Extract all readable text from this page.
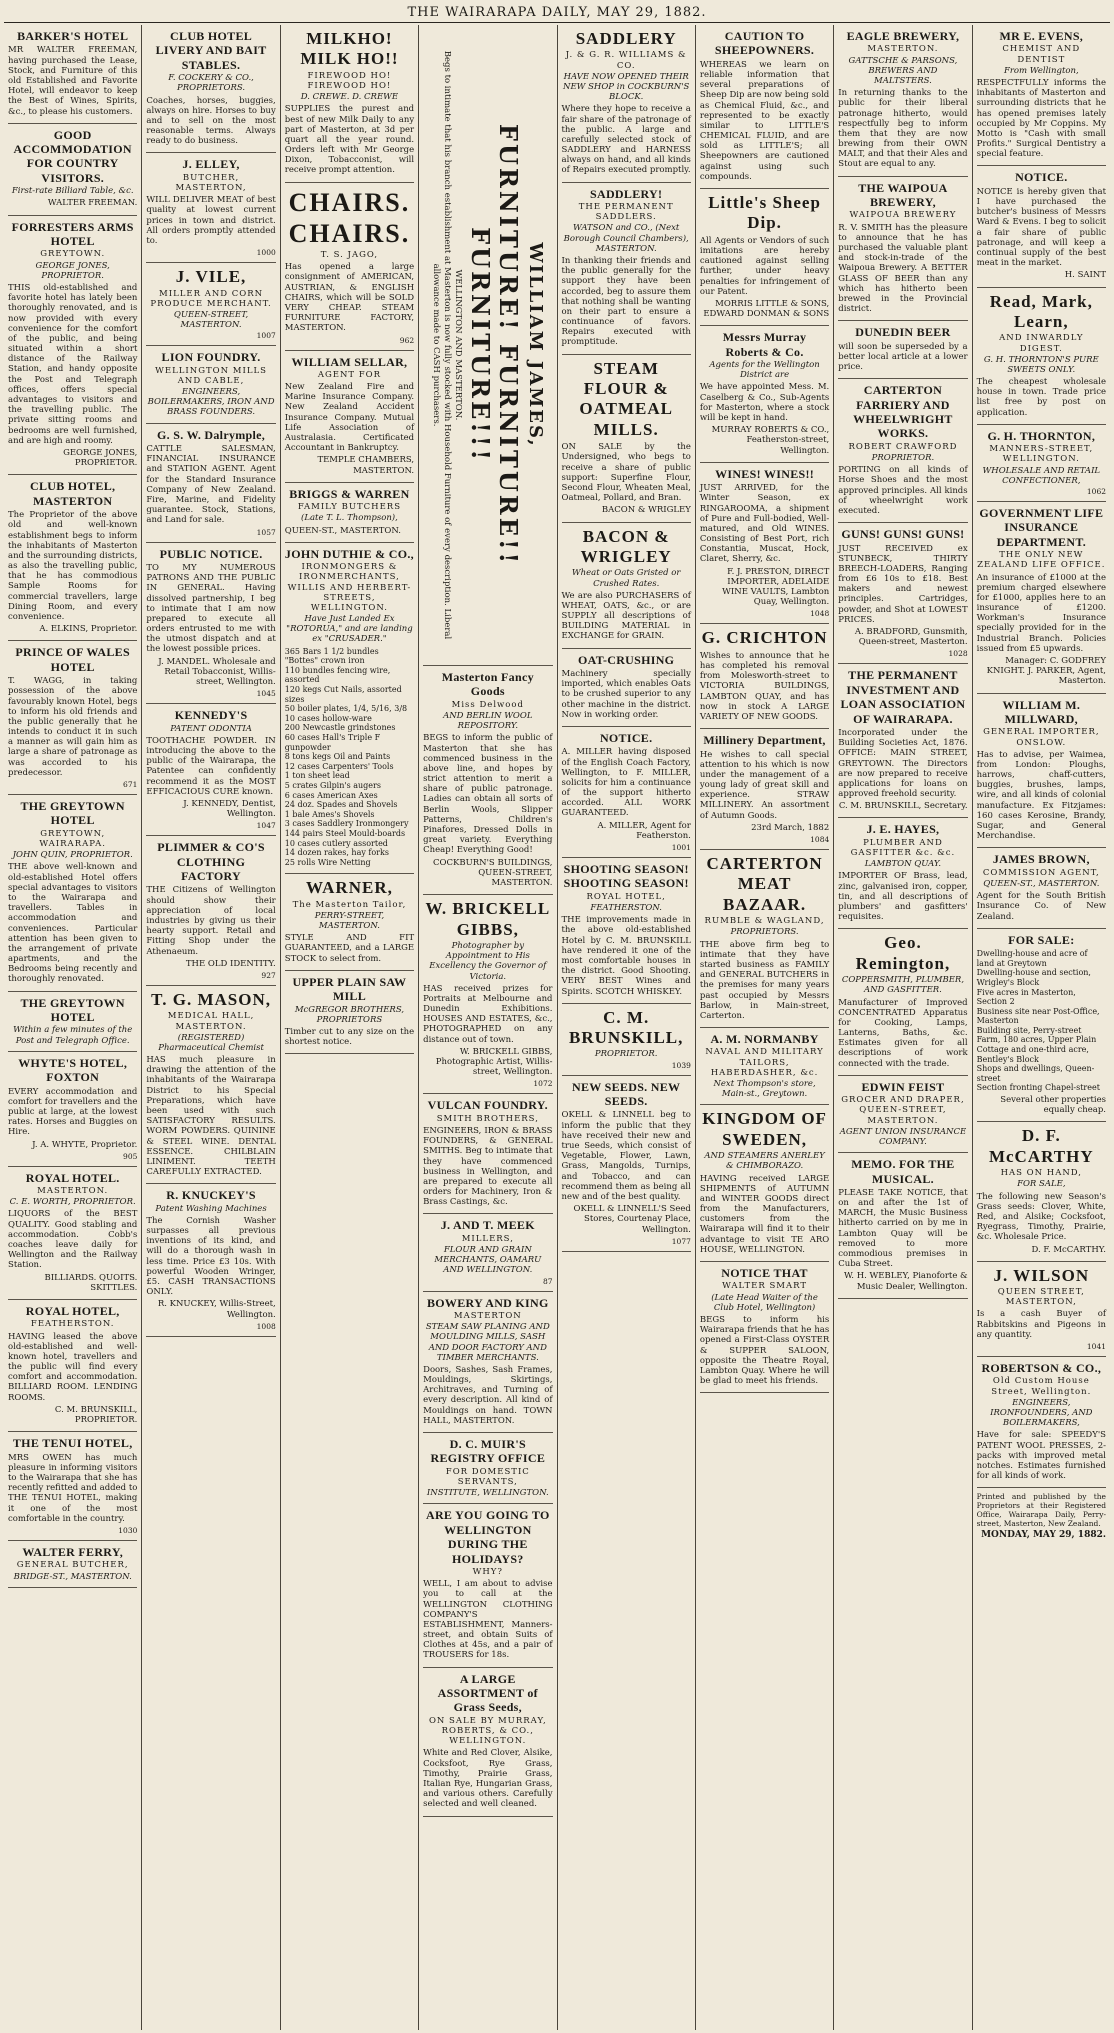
THE WAIRARAPA DAILY, MAY 29, 1882.
BARKER'S HOTEL

MR WALTER FREEMAN, having purchased the Lease, Stock, and Furniture of this old Established and Favorite Hotel, will endeavor to keep the Best of Wines, Spirits, &c., to please his customers.

GOOD ACCOMMODATION FOR COUNTRY VISITORS.
First-rate Billiard Table, &c.
WALTER FREEMAN.
FORRESTERS ARMS HOTEL
GREYTOWN.
GEORGE JONES, PROPRIETOR.

THIS old-established and favorite hotel has lately been thoroughly renovated, and is now provided with every convenience for the comfort of the public, and being situated within a short distance of the Railway Station, and handy opposite the Post and Telegraph offices, offers special advantages to visitors and the travelling public. The private sitting rooms and bedrooms are well furnished, and are high and roomy.

GEORGE JONES, PROPRIETOR.
CLUB HOTEL, MASTERTON

The Proprietor of the above old and well-known establishment begs to inform the inhabitants of Masterton and the surrounding districts, as also the travelling public, that he has commodious Sample Rooms for commercial travellers, large Dining Room, and every convenience.

A. ELKINS, Proprietor.
PRINCE OF WALES HOTEL

T. WAGG, in taking possession of the above favourably known Hotel, begs to inform his old friends and the public generally that he intends to conduct it in such a manner as will gain him as large a share of patronage as was accorded to his predecessor.

671
THE GREYTOWN HOTEL
GREYTOWN, WAIRARAPA.
JOHN QUIN, PROPRIETOR.

THE above well-known and old-established Hotel offers special advantages to visitors to the Wairarapa and travellers. Tables in accommodation and conveniences. Particular attention has been given to the arrangement of private apartments, and the Bedrooms being recently and thoroughly renovated.

THE GREYTOWN HOTEL
Within a few minutes of the Post and Telegraph Office.
WHYTE'S HOTEL, FOXTON

EVERY accommodation and comfort for travellers and the public at large, at the lowest rates. Horses and Buggies on Hire.

J. A. WHYTE, Proprietor.
905
ROYAL HOTEL.
MASTERTON.
C. E. WORTH, PROPRIETOR.

LIQUORS of the BEST QUALITY. Good stabling and accommodation. Cobb's coaches leave daily for Wellington and the Railway Station.

BILLIARDS. QUOITS. SKITTLES.
ROYAL HOTEL,
FEATHERSTON.

HAVING leased the above old-established and well-known hotel, travellers and the public will find every comfort and accommodation. BILLIARD ROOM. LENDING ROOMS.

C. M. BRUNSKILL, PROPRIETOR.
THE TENUI HOTEL,

MRS OWEN has much pleasure in informing visitors to the Wairarapa that she has recently refitted and added to THE TENUI HOTEL, making it one of the most comfortable in the country.

1030
WALTER FERRY,
GENERAL BUTCHER,
BRIDGE-ST., MASTERTON.
CLUB HOTEL LIVERY AND BAIT STABLES.
F. COCKERY & CO., PROPRIETORS.

Coaches, horses, buggies, always on hire. Horses to buy and to sell on the most reasonable terms. Always ready to do business.

J. ELLEY,
BUTCHER, MASTERTON,

WILL DELIVER MEAT of best quality at lowest current prices in town and district. All orders promptly attended to.

1000
J. VILE,
MILLER AND CORN PRODUCE MERCHANT.
QUEEN-STREET, MASTERTON.
1007
LION FOUNDRY.
WELLINGTON MILLS AND CABLE,
ENGINEERS, BOILERMAKERS, IRON AND BRASS FOUNDERS.
G. S. W. Dalrymple,

CATTLE SALESMAN, FINANCIAL INSURANCE and STATION AGENT. Agent for the Standard Insurance Company of New Zealand. Fire, Marine, and Fidelity guarantee. Stock, Stations, and Land for sale.

1057
PUBLIC NOTICE.

TO MY NUMEROUS PATRONS AND THE PUBLIC IN GENERAL. Having dissolved partnership, I beg to intimate that I am now prepared to execute all orders entrusted to me with the utmost dispatch and at the lowest possible prices.

J. MANDEL. Wholesale and Retail Tobacconist, Willis-street, Wellington.
1045
KENNEDY'S
PATENT ODONTIA

TOOTHACHE POWDER. IN introducing the above to the public of the Wairarapa, the Patentee can confidently recommend it as the MOST EFFICACIOUS CURE known.

J. KENNEDY, Dentist, Wellington.
1047
PLIMMER & CO'S CLOTHING FACTORY

THE Citizens of Wellington should show their appreciation of local industries by giving us their hearty support. Retail and Fitting Shop under the Athenaeum.

THE OLD IDENTITY.
927
T. G. MASON,
MEDICAL HALL, MASTERTON.
(REGISTERED) Pharmaceutical Chemist

HAS much pleasure in drawing the attention of the inhabitants of the Wairarapa District to his Special Preparations, which have been used with such SATISFACTORY RESULTS. WORM POWDERS. QUININE & STEEL WINE. DENTAL ESSENCE. CHILBLAIN LINIMENT. TEETH CAREFULLY EXTRACTED.

R. KNUCKEY'S
Patent Washing Machines

The Cornish Washer surpasses all previous inventions of its kind, and will do a thorough wash in less time. Price £3 10s. With powerful Wooden Wringer, £5. CASH TRANSACTIONS ONLY.

R. KNUCKEY, Willis-Street, Wellington.
1008
MILKHO! MILK HO!!
FIREWOOD HO! FIREWOOD HO!
D. CREWE. D. CREWE

SUPPLIES the purest and best of new Milk Daily to any part of Masterton, at 3d per quart all the year round. Orders left with Mr George Dixon, Tobacconist, will receive prompt attention.

CHAIRS. CHAIRS.
T. S. JAGO,

Has opened a large consignment of AMERICAN, AUSTRIAN, & ENGLISH CHAIRS, which will be SOLD VERY CHEAP. STEAM FURNITURE FACTORY, MASTERTON.

962
WILLIAM SELLAR,
AGENT FOR

New Zealand Fire and Marine Insurance Company. New Zealand Accident Insurance Company. Mutual Life Association of Australasia. Certificated Accountant in Bankruptcy.

TEMPLE CHAMBERS, MASTERTON.
BRIGGS & WARREN
FAMILY BUTCHERS
(Late T. L. Thompson),

QUEEN-ST., MASTERTON.

JOHN DUTHIE & CO.,
IRONMONGERS & IRONMERCHANTS, WILLIS AND HERBERT-STREETS, WELLINGTON.
Have Just Landed Ex "ROTORUA," and are landing ex "CRUSADER."
365 Bars 1 1/2 bundles "Bottes" crown iron
110 bundles fencing wire, assorted
120 kegs Cut Nails, assorted sizes
50 boiler plates, 1/4, 5/16, 3/8
10 cases hollow-ware
200 Newcastle grindstones
60 cases Hall's Triple F gunpowder
8 tons kegs Oil and Paints
12 cases Carpenters' Tools
1 ton sheet lead
5 crates Gilpin's augers
6 cases American Axes
24 doz. Spades and Shovels
1 bale Ames's Shovels
3 cases Saddlery Ironmongery
144 pairs Steel Mould-boards
10 cases cutlery assorted
14 dozen rakes, hay forks
25 rolls Wire Netting
WARNER,
The Masterton Tailor,
PERRY-STREET, MASTERTON.

STYLE AND FIT GUARANTEED, and a LARGE STOCK to select from.

UPPER PLAIN SAW MILL
McGREGOR BROTHERS, PROPRIETORS

Timber cut to any size on the shortest notice.

WILLIAM JAMES,
FURNITURE! FURNITURE!! FURNITURE!!!

WELLINGTON AND MASTERTON.

Begs to intimate that his branch establishment at Masterton is now fully stocked with Household Furniture of every description. Liberal allowance made to CASH purchasers.

Masterton Fancy Goods
Miss Delwood
AND BERLIN WOOL REPOSITORY.

BEGS to inform the public of Masterton that she has commenced business in the above line, and hopes by strict attention to merit a share of public patronage. Ladies can obtain all sorts of Berlin Wools, Slipper Patterns, Children's Pinafores, Dressed Dolls in great variety. Everything Cheap! Everything Good!

COCKBURN'S BUILDINGS, QUEEN-STREET, MASTERTON.
W. BRICKELL GIBBS,
Photographer by Appointment to His Excellency the Governor of Victoria.

HAS received prizes for Portraits at Melbourne and Dunedin Exhibitions. HOUSES AND ESTATES, &c., PHOTOGRAPHED on any distance out of town.

W. BRICKELL GIBBS, Photographic Artist, Willis-street, Wellington.
1072
VULCAN FOUNDRY.
SMITH BROTHERS,

ENGINEERS, IRON & BRASS FOUNDERS, & GENERAL SMITHS. Beg to intimate that they have commenced business in Wellington, and are prepared to execute all orders for Machinery, Iron & Brass Castings, &c.

J. AND T. MEEK
MILLERS,
FLOUR AND GRAIN MERCHANTS, OAMARU AND WELLINGTON.
87
BOWERY AND KING
MASTERTON
STEAM SAW PLANING AND MOULDING MILLS, SASH AND DOOR FACTORY AND TIMBER MERCHANTS.

Doors, Sashes, Sash Frames, Mouldings, Skirtings, Architraves, and Turning of every description. All kind of Mouldings on hand. TOWN HALL, MASTERTON.

D. C. MUIR'S REGISTRY OFFICE
FOR DOMESTIC SERVANTS,
INSTITUTE, WELLINGTON.
ARE YOU GOING TO WELLINGTON DURING THE HOLIDAYS?
WHY?

WELL, I am about to advise you to call at the WELLINGTON CLOTHING COMPANY'S ESTABLISHMENT, Manners-street, and obtain Suits of Clothes at 45s, and a pair of TROUSERS for 18s.

A LARGE ASSORTMENT of Grass Seeds,
ON SALE BY MURRAY, ROBERTS, & CO., WELLINGTON.

White and Red Clover, Alsike, Cocksfoot, Rye Grass, Timothy, Prairie Grass, Italian Rye, Hungarian Grass, and various others. Carefully selected and well cleaned.

SADDLERY
J. & G. R. WILLIAMS & CO.
HAVE NOW OPENED THEIR NEW SHOP in COCKBURN'S BLOCK.

Where they hope to receive a fair share of the patronage of the public. A large and carefully selected stock of SADDLERY and HARNESS always on hand, and all kinds of Repairs executed promptly.

SADDLERY!
THE PERMANENT SADDLERS.
WATSON and CO., (Next Borough Council Chambers), MASTERTON.

In thanking their friends and the public generally for the support they have been accorded, beg to assure them that nothing shall be wanting on their part to ensure a continuance of favors. Repairs executed with promptitude.

STEAM FLOUR & OATMEAL MILLS.

ON SALE by the Undersigned, who begs to receive a share of public support: Superfine Flour, Second Flour, Wheaten Meal, Oatmeal, Pollard, and Bran.

BACON & WRIGLEY
BACON & WRIGLEY
Wheat or Oats Gristed or Crushed Rates.

We are also PURCHASERS of WHEAT, OATS, &c., or are SUPPLY all descriptions of BUILDING MATERIAL in EXCHANGE for GRAIN.

OAT-CRUSHING

Machinery specially imported, which enables Oats to be crushed superior to any other machine in the district. Now in working order.

NOTICE.

A. MILLER having disposed of the English Coach Factory, Wellington, to F. MILLER, solicits for him a continuance of the support hitherto accorded. ALL WORK GUARANTEED.

A. MILLER, Agent for Featherston.
1001
SHOOTING SEASON! SHOOTING SEASON!
ROYAL HOTEL,
FEATHERSTON.

THE improvements made in the above old-established Hotel by C. M. BRUNSKILL have rendered it one of the most comfortable houses in the district. Good Shooting. VERY BEST Wines and Spirits. SCOTCH WHISKEY.

C. M. BRUNSKILL,
PROPRIETOR.
1039
NEW SEEDS. NEW SEEDS.

OKELL & LINNELL beg to inform the public that they have received their new and true Seeds, which consist of Vegetable, Flower, Lawn, Grass, Mangolds, Turnips, and Tobacco, and can recommend them as being all new and of the best quality.

OKELL & LINNELL'S Seed Stores, Courtenay Place, Wellington.
1077
CAUTION TO SHEEPOWNERS.

WHEREAS we learn on reliable information that several preparations of Sheep Dip are now being sold as Chemical Fluid, &c., and represented to be exactly similar to LITTLE'S CHEMICAL FLUID, and are sold as LITTLE'S; all Sheepowners are cautioned against using such compounds.

Little's Sheep Dip.

All Agents or Vendors of such imitations are hereby cautioned against selling further, under heavy penalties for infringement of our Patent.

MORRIS LITTLE & SONS, EDWARD DONMAN & SONS
Messrs Murray Roberts & Co.
Agents for the Wellington District are

We have appointed Mess. M. Caselberg & Co., Sub-Agents for Masterton, where a stock will be kept in hand.

MURRAY ROBERTS & CO., Featherston-street, Wellington.
WINES! WINES!!

JUST ARRIVED, for the Winter Season, ex RINGAROOMA, a shipment of Pure and Full-bodied, Well-matured, and Old WINES. Consisting of Best Port, rich Constantia, Muscat, Hock, Claret, Sherry, &c.

F. J. PRESTON, DIRECT IMPORTER, ADELAIDE WINE VAULTS, Lambton Quay, Wellington.
1048
G. CRICHTON

Wishes to announce that he has completed his removal from Molesworth-street to VICTORIA BUILDINGS, LAMBTON QUAY, and has now in stock A LARGE VARIETY OF NEW GOODS.

Millinery Department,

He wishes to call special attention to his which is now under the management of a young lady of great skill and experience. STRAW MILLINERY. An assortment of Autumn Goods.

23rd March, 1882
1084
CARTERTON MEAT BAZAAR.
RUMBLE & WAGLAND,
PROPRIETORS.

THE above firm beg to intimate that they have started business as FAMILY and GENERAL BUTCHERS in the premises for many years past occupied by Messrs Barlow, in Main-street, Carterton.

A. M. NORMANBY
NAVAL AND MILITARY TAILORS, HABERDASHER, &c.
Next Thompson's store, Main-st., Greytown.
KINGDOM OF SWEDEN,
AND STEAMERS ANERLEY & CHIMBORAZO.

HAVING received LARGE SHIPMENTS of AUTUMN and WINTER GOODS direct from the Manufacturers, customers from the Wairarapa will find it to their advantage to visit TE ARO HOUSE, WELLINGTON.

NOTICE THAT
WALTER SMART
(Late Head Waiter of the Club Hotel, Wellington)

BEGS to inform his Wairarapa friends that he has opened a First-Class OYSTER & SUPPER SALOON, opposite the Theatre Royal, Lambton Quay. Where he will be glad to meet his friends.

EAGLE BREWERY,
MASTERTON.
GATTSCHE & PARSONS, BREWERS AND MALTSTERS.

In returning thanks to the public for their liberal patronage hitherto, would respectfully beg to inform them that they are now brewing from their OWN MALT, and that their Ales and Stout are equal to any.

THE WAIPOUA BREWERY,
WAIPOUA BREWERY

R. V. SMITH has the pleasure to announce that he has purchased the valuable plant and stock-in-trade of the Waipoua Brewery. A BETTER GLASS OF BEER than any which has hitherto been brewed in the Provincial district.

DUNEDIN BEER

will soon be superseded by a better local article at a lower price.

CARTERTON FARRIERY AND WHEELWRIGHT WORKS.
ROBERT CRAWFORD
PROPRIETOR.

PORTING on all kinds of Horse Shoes and the most approved principles. All kinds of wheelwright work executed.

GUNS! GUNS! GUNS!

JUST RECEIVED ex STUNBECK, THIRTY BREECH-LOADERS, Ranging from £6 10s to £18. Best makers and newest principles. Cartridges, powder, and Shot at LOWEST PRICES.

A. BRADFORD, Gunsmith, Queen-street, Masterton.
1028
THE PERMANENT INVESTMENT AND LOAN ASSOCIATION OF WAIRARAPA.

Incorporated under the Building Societies Act, 1876. OFFICE: MAIN STREET, GREYTOWN. The Directors are now prepared to receive applications for loans on approved freehold security.

C. M. BRUNSKILL, Secretary.
J. E. HAYES,
PLUMBER AND GASFITTER &c. &c.
LAMBTON QUAY.

IMPORTER OF Brass, lead, zinc, galvanised iron, copper, tin, and all descriptions of plumbers' and gasfitters' requisites.

Geo. Remington,
COPPERSMITH, PLUMBER, AND GASFITTER.

Manufacturer of Improved CONCENTRATED Apparatus for Cooking, Lamps, Lanterns, Baths, &c. Estimates given for all descriptions of work connected with the trade.

EDWIN FEIST
GROCER AND DRAPER, QUEEN-STREET, MASTERTON.
AGENT UNION INSURANCE COMPANY.
MEMO. FOR THE MUSICAL.

PLEASE TAKE NOTICE, that on and after the 1st of MARCH, the Music Business hitherto carried on by me in Lambton Quay will be removed to more commodious premises in Cuba Street.

W. H. WEBLEY, Pianoforte & Music Dealer, Wellington.
MR E. EVENS,
CHEMIST AND DENTIST
From Wellington,

RESPECTFULLY informs the inhabitants of Masterton and surrounding districts that he has opened premises lately occupied by Mr Coppins. My Motto is "Cash with small Profits." Surgical Dentistry a special feature.

NOTICE.

NOTICE is hereby given that I have purchased the butcher's business of Messrs Ward & Evens. I beg to solicit a fair share of public patronage, and will keep a continual supply of the best meat in the market.

H. SAINT
Read, Mark, Learn,
AND INWARDLY DIGEST.
G. H. THORNTON'S PURE SWEETS ONLY.

The cheapest wholesale house in town. Trade price list free by post on application.

G. H. THORNTON,
MANNERS-STREET, WELLINGTON.
WHOLESALE AND RETAIL CONFECTIONER,
1062
GOVERNMENT LIFE INSURANCE DEPARTMENT.
THE ONLY NEW ZEALAND LIFE OFFICE.

An insurance of £1000 at the premium charged elsewhere for £1000, applies here to an insurance of £1200. Workman's Insurance specially provided for in the Industrial Branch. Policies issued from £5 upwards.

Manager: C. GODFREY KNIGHT. J. PARKER, Agent, Masterton.
WILLIAM M. MILLWARD,
GENERAL IMPORTER, ONSLOW.

Has to advise, per Waimea, from London: Ploughs, harrows, chaff-cutters, buggies, brushes, lamps, wire, and all kinds of colonial manufacture. Ex Fitzjames: 160 cases Kerosine, Brandy, Sugar, and General Merchandise.

JAMES BROWN,
COMMISSION AGENT,
QUEEN-ST., MASTERTON.

Agent for the South British Insurance Co. of New Zealand.

FOR SALE:
Dwelling-house and acre of land at Greytown
Dwelling-house and section, Wrigley's Block
Five acres in Masterton, Section 2
Business site near Post-Office, Masterton
Building site, Perry-street
Farm, 180 acres, Upper Plain
Cottage and one-third acre, Bentley's Block
Shops and dwellings, Queen-street
Section fronting Chapel-street
Several other properties equally cheap.
D. F. McCARTHY
HAS ON HAND,
FOR SALE,

The following new Season's Grass seeds: Clover, White, Red, and Alsike; Cocksfoot, Ryegrass, Timothy, Prairie, &c. Wholesale Price.

D. F. McCARTHY.
J. WILSON
QUEEN STREET, MASTERTON,

Is a cash Buyer of Rabbitskins and Pigeons in any quantity.

1041
ROBERTSON & CO.,
Old Custom House Street, Wellington.
ENGINEERS, IRONFOUNDERS, AND BOILERMAKERS,

Have for sale: SPEEDY'S PATENT WOOL PRESSES, 2-packs with improved metal notches. Estimates furnished for all kinds of work.

Printed and published by the Proprietors at their Registered Office, Wairarapa Daily, Perry-street, Masterton, New Zealand.
MONDAY, MAY 29, 1882.
